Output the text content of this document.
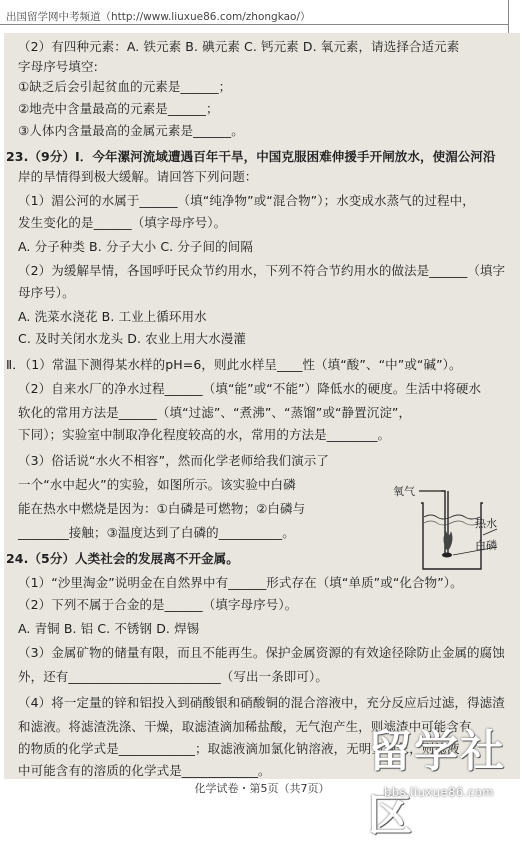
出国留学网中考频道（http://www.liuxue86.com/zhongkao/）
（2）有四种元素：A. 铁元素 B. 碘元素 C. 钙元素 D. 氧元素，请选择合适元素
字母序号填空:
①缺乏后会引起贫血的元素是______；
②地壳中含量最高的元素是______；
③人体内含量最高的金属元素是______。
23.（9分）Ⅰ．今年漯河流域遭遇百年干旱，中国克服困难伸援手开闸放水，使湄公河沿
岸的旱情得到极大缓解。请回答下列问题：
（1）湄公河的水属于______（填“纯净物”或“混合物”）；水变成水蒸气的过程中，
发生变化的是______（填字母序号）。
A. 分子种类 B. 分子大小 C. 分子间的间隔
（2）为缓解旱情，各国呼吁民众节约用水，下列不符合节约用水的做法是______（填字
母序号）。
A. 洗菜水浇花 B. 工业上循环用水
C. 及时关闭水龙头 D. 农业上用大水漫灌
Ⅱ．（1）常温下测得某水样的pH=6，则此水样呈____性（填“酸”、“中”或“碱”）。
（2）自来水厂的净水过程______（填“能”或“不能”）降低水的硬度。生活中将硬水
软化的常用方法是______（填“过滤”、“煮沸”、“蒸馏”或“静置沉淀”，
下同）；实验室中制取净化程度较高的水，常用的方法是________。
（3）俗话说“水火不相容”，然而化学老师给我们演示了
一个“水中起火”的实验，如图所示。该实验中白磷
能在热水中燃烧是因为：①白磷是可燃物；②白磷与
________接触；③温度达到了白磷的__________。
24.（5分）人类社会的发展离不开金属。
（1）“沙里淘金”说明金在自然界中有______形式存在（填“单质”或“化合物”）。
（2）下列不属于合金的是______（填字母序号）。
A. 青铜 B. 铝 C. 不锈钢 D. 焊锡
（3）金属矿物的储量有限，而且不能再生。保护金属资源的有效途径除防止金属的腐蚀
外，还有________________________（写出一条即可）。
（4）将一定量的锌和铝投入到硝酸银和硝酸铜的混合溶液中，充分反应后过滤，得滤渣
和滤液。将滤渣洗涤、干燥，取滤渣滴加稀盐酸，无气泡产生，则滤渣中可能含有
的物质的化学式是____________；取滤液滴加氯化钠溶液，无明显现象，则滤液
中可能含有的溶质的化学式是____________。
氧气
热水
白磷
化学试卷・第5页（共7页）
留学社区
bbs.liuxue86.com
